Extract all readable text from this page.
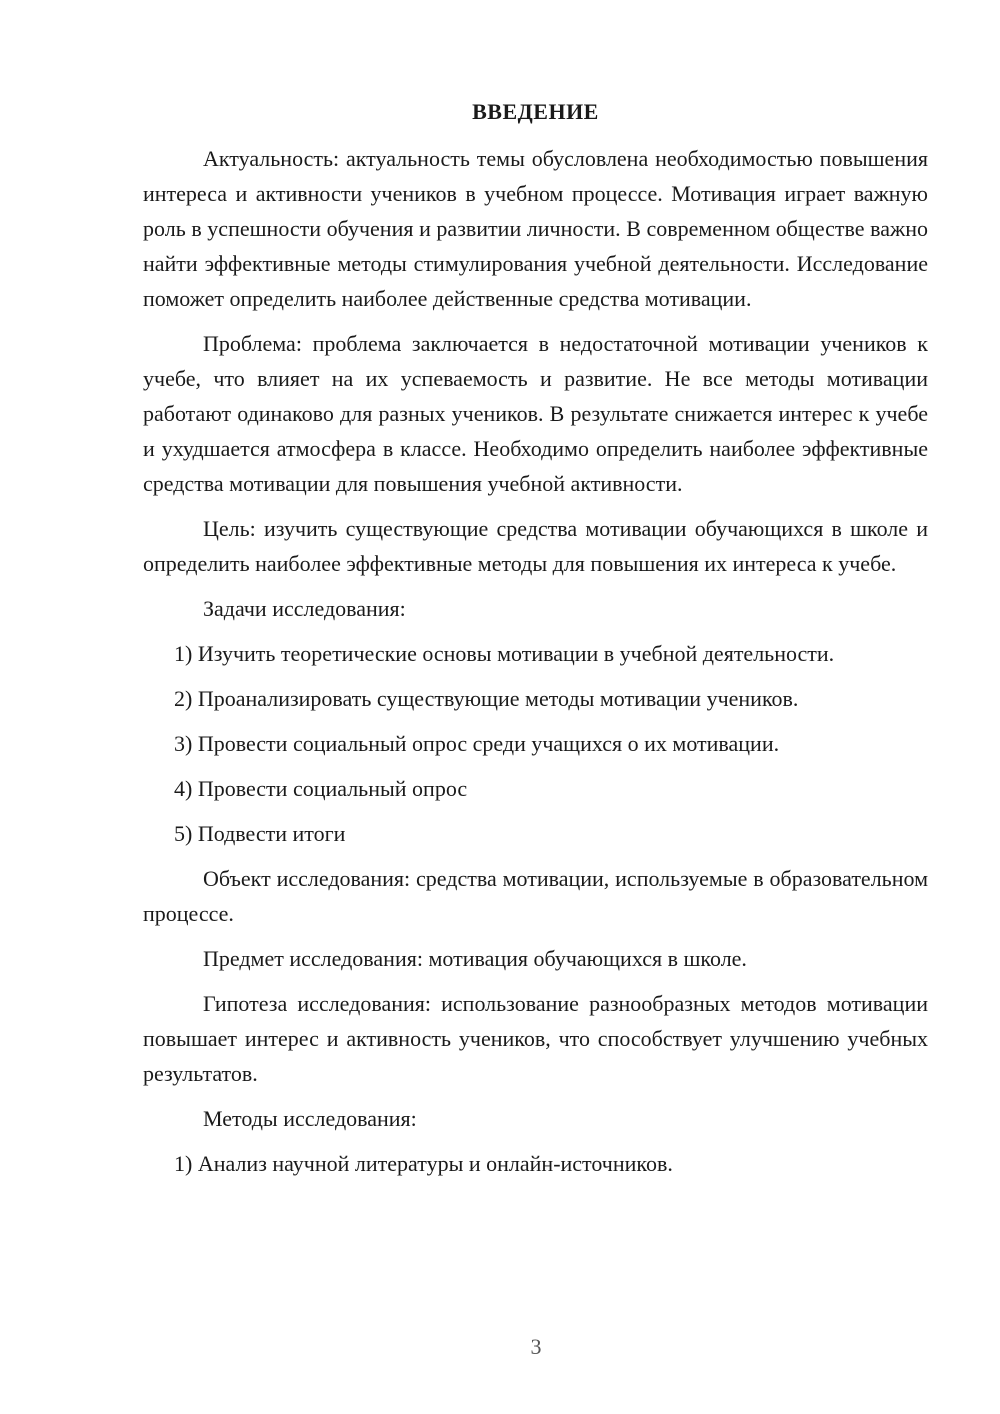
ВВЕДЕНИЕ

Актуальность: актуальность темы обусловлена необходимостью повышения интереса и активности учеников в учебном процессе. Мотивация играет важную роль в успешности обучения и развитии личности. В современном обществе важно найти эффективные методы стимулирования учебной деятельности. Исследование поможет определить наиболее действенные средства мотивации.

Проблема: проблема заключается в недостаточной мотивации учеников к учебе, что влияет на их успеваемость и развитие. Не все методы мотивации работают одинаково для разных учеников. В результате снижается интерес к учебе и ухудшается атмосфера в классе. Необходимо определить наиболее эффективные средства мотивации для повышения учебной активности.

Цель: изучить существующие средства мотивации обучающихся в школе и определить наиболее эффективные методы для повышения их интереса к учебе.

Задачи исследования:

1) Изучить теоретические основы мотивации в учебной деятельности.

2) Проанализировать существующие методы мотивации учеников.

3) Провести социальный опрос среди учащихся о их мотивации.

4) Провести социальный опрос

5) Подвести итоги

Объект исследования: средства мотивации, используемые в образовательном процессе.

Предмет исследования: мотивация обучающихся в школе.

Гипотеза исследования: использование разнообразных методов мотивации повышает интерес и активность учеников, что способствует улучшению учебных результатов.

Методы исследования:

1) Анализ научной литературы и онлайн-источников.

3
